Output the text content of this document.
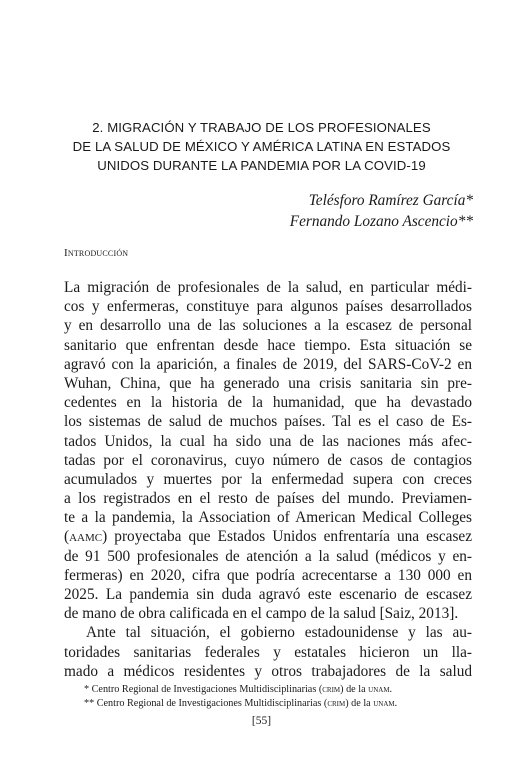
2. MIGRACIÓN Y TRABAJO DE LOS PROFESIONALES
DE LA SALUD DE MÉXICO Y AMÉRICA LATINA EN ESTADOS
UNIDOS DURANTE LA PANDEMIA POR LA COVID-19
Telésforo Ramírez García*
Fernando Lozano Ascencio**
Introducción
La migración de profesionales de la salud, en particular médi-
cos y enfermeras, constituye para algunos países desarrollados
y en desarrollo una de las soluciones a la escasez de personal
sanitario que enfrentan desde hace tiempo. Esta situación se
agravó con la aparición, a finales de 2019, del SARS-CoV-2 en
Wuhan, China, que ha generado una crisis sanitaria sin pre-
cedentes en la historia de la humanidad, que ha devastado
los sistemas de salud de muchos países. Tal es el caso de Es-
tados Unidos, la cual ha sido una de las naciones más afec-
tadas por el coronavirus, cuyo número de casos de contagios
acumulados y muertes por la enfermedad supera con creces
a los registrados en el resto de países del mundo. Previamen-
te a la pandemia, la Association of American Medical Colleges
(aamc) proyectaba que Estados Unidos enfrentaría una escasez
de 91 500 profesionales de atención a la salud (médicos y en-
fermeras) en 2020, cifra que podría acrecentarse a 130 000 en
2025. La pandemia sin duda agravó este escenario de escasez
de mano de obra calificada en el campo de la salud [Saiz, 2013].
Ante tal situación, el gobierno estadounidense y las au-
toridades sanitarias federales y estatales hicieron un lla-
mado a médicos residentes y otros trabajadores de la salud
* Centro Regional de Investigaciones Multidisciplinarias (crim) de la unam.
** Centro Regional de Investigaciones Multidisciplinarias (crim) de la unam.
[55]
